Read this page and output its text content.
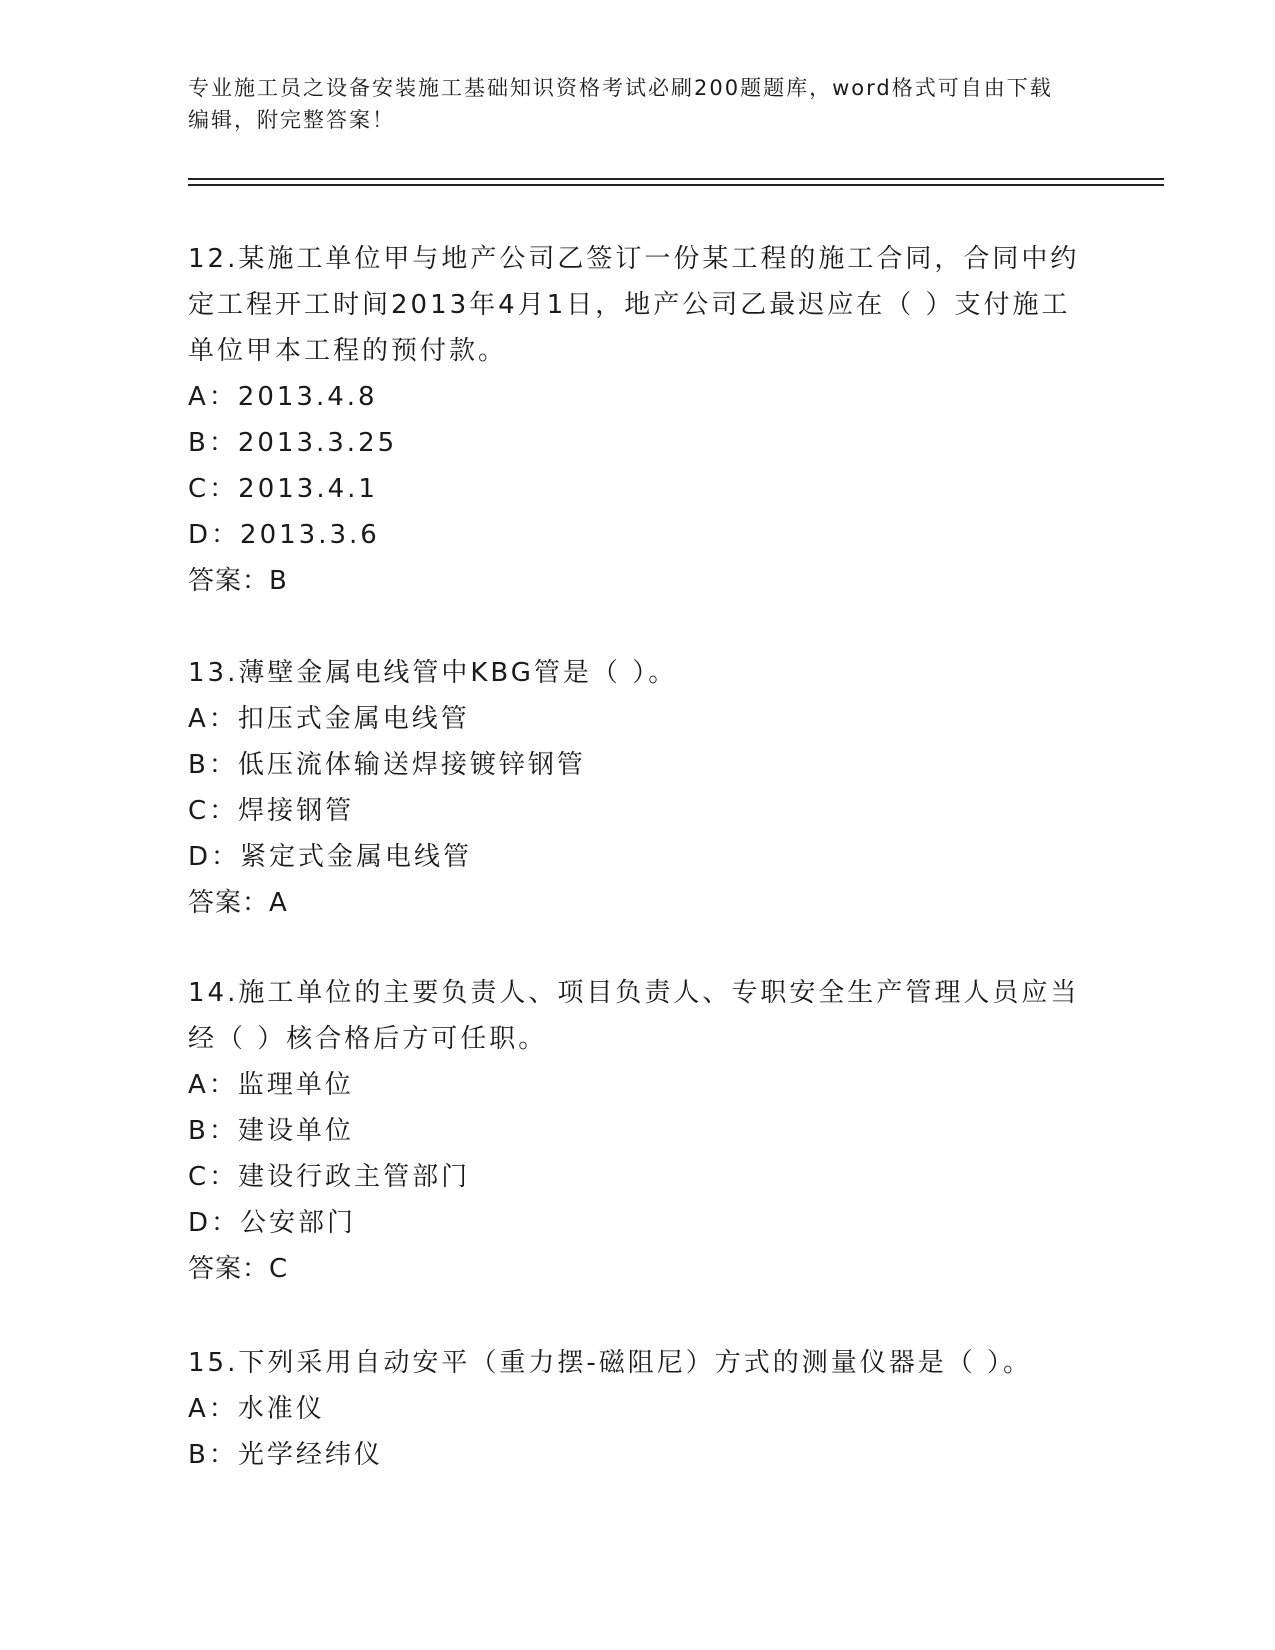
专业施工员之设备安装施工基础知识资格考试必刷200题题库，word格式可自由下载编辑，附完整答案！

12.某施工单位甲与地产公司乙签订一份某工程的施工合同，合同中约定工程开工时间2013年4月1日，地产公司乙最迟应在（ ）支付施工单位甲本工程的预付款。

A：2013.4.8

B：2013.3.25

C：2013.4.1

D：2013.3.6

答案：B

13.薄壁金属电线管中KBG管是（ ）。

A：扣压式金属电线管

B：低压流体输送焊接镀锌钢管

C：焊接钢管

D：紧定式金属电线管

答案：A

14.施工单位的主要负责人、项目负责人、专职安全生产管理人员应当经（ ）核合格后方可任职。

A：监理单位

B：建设单位

C：建设行政主管部门

D：公安部门

答案：C

15.下列采用自动安平（重力摆-磁阻尼）方式的测量仪器是（ ）。

A：水准仪

B：光学经纬仪
